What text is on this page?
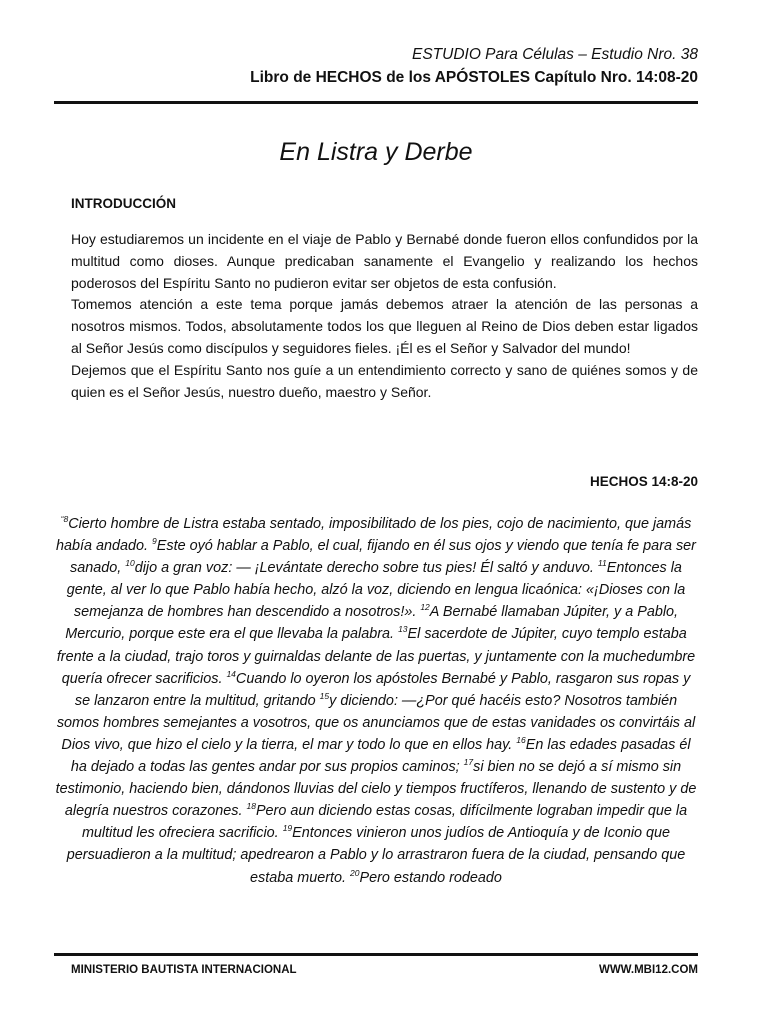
ESTUDIO Para Células – Estudio Nro. 38
Libro de HECHOS de los APÓSTOLES Capítulo Nro. 14:08-20
En Listra y Derbe
INTRODUCCIÓN

Hoy estudiaremos un incidente en el viaje de Pablo y Bernabé donde fueron ellos confundidos por la multitud como dioses. Aunque predicaban sanamente el Evangelio y realizando los hechos poderosos del Espíritu Santo no pudieron evitar ser objetos de esta confusión.

Tomemos atención a este tema porque jamás debemos atraer la atención de las personas a nosotros mismos. Todos, absolutamente todos los que lleguen al Reino de Dios deben estar ligados al Señor Jesús como discípulos y seguidores fieles. ¡Él es el Señor y Salvador del mundo!

Dejemos que el Espíritu Santo nos guíe a un entendimiento correcto y sano de quiénes somos y de quien es el Señor Jesús, nuestro dueño, maestro y Señor.

HECHOS 14:8-20

$^{“8}$Cierto hombre de Listra estaba sentado, imposibilitado de los pies, cojo de nacimiento, que jamás había andado. $^9$Este oyó hablar a Pablo, el cual, fijando en él sus ojos y viendo que tenía fe para ser sanado, $^{10}$dijo a gran voz: — ¡Levántate derecho sobre tus pies! Él saltó y anduvo. $^{11}$Entonces la gente, al ver lo que Pablo había hecho, alzó la voz, diciendo en lengua licaónica: «¡Dioses con la semejanza de hombres han descendido a nosotros!». $^{12}$A Bernabé llamaban Júpiter, y a Pablo, Mercurio, porque este era el que llevaba la palabra. $^{13}$El sacerdote de Júpiter, cuyo templo estaba frente a la ciudad, trajo toros y guirnaldas delante de las puertas, y juntamente con la muchedumbre quería ofrecer sacrificios. $^{14}$Cuando lo oyeron los apóstoles Bernabé y Pablo, rasgaron sus ropas y se lanzaron entre la multitud, gritando $^{15}$y diciendo: —¿Por qué hacéis esto? Nosotros también somos hombres semejantes a vosotros, que os anunciamos que de estas vanidades os convirtáis al Dios vivo, que hizo el cielo y la tierra, el mar y todo lo que en ellos hay. $^{16}$En las edades pasadas él ha dejado a todas las gentes andar por sus propios caminos; $^{17}$si bien no se dejó a sí mismo sin testimonio, haciendo bien, dándonos lluvias del cielo y tiempos fructíferos, llenando de sustento y de alegría nuestros corazones. $^{18}$Pero aun diciendo estas cosas, difícilmente lograban impedir que la multitud les ofreciera sacrificio. $^{19}$Entonces vinieron unos judíos de Antioquía y de Iconio que persuadieron a la multitud; apedrearon a Pablo y lo arrastraron fuera de la ciudad, pensando que estaba muerto. $^{20}$Pero estando rodeado

MINISTERIO BAUTISTA INTERNACIONAL	WWW.MBI12.COM
